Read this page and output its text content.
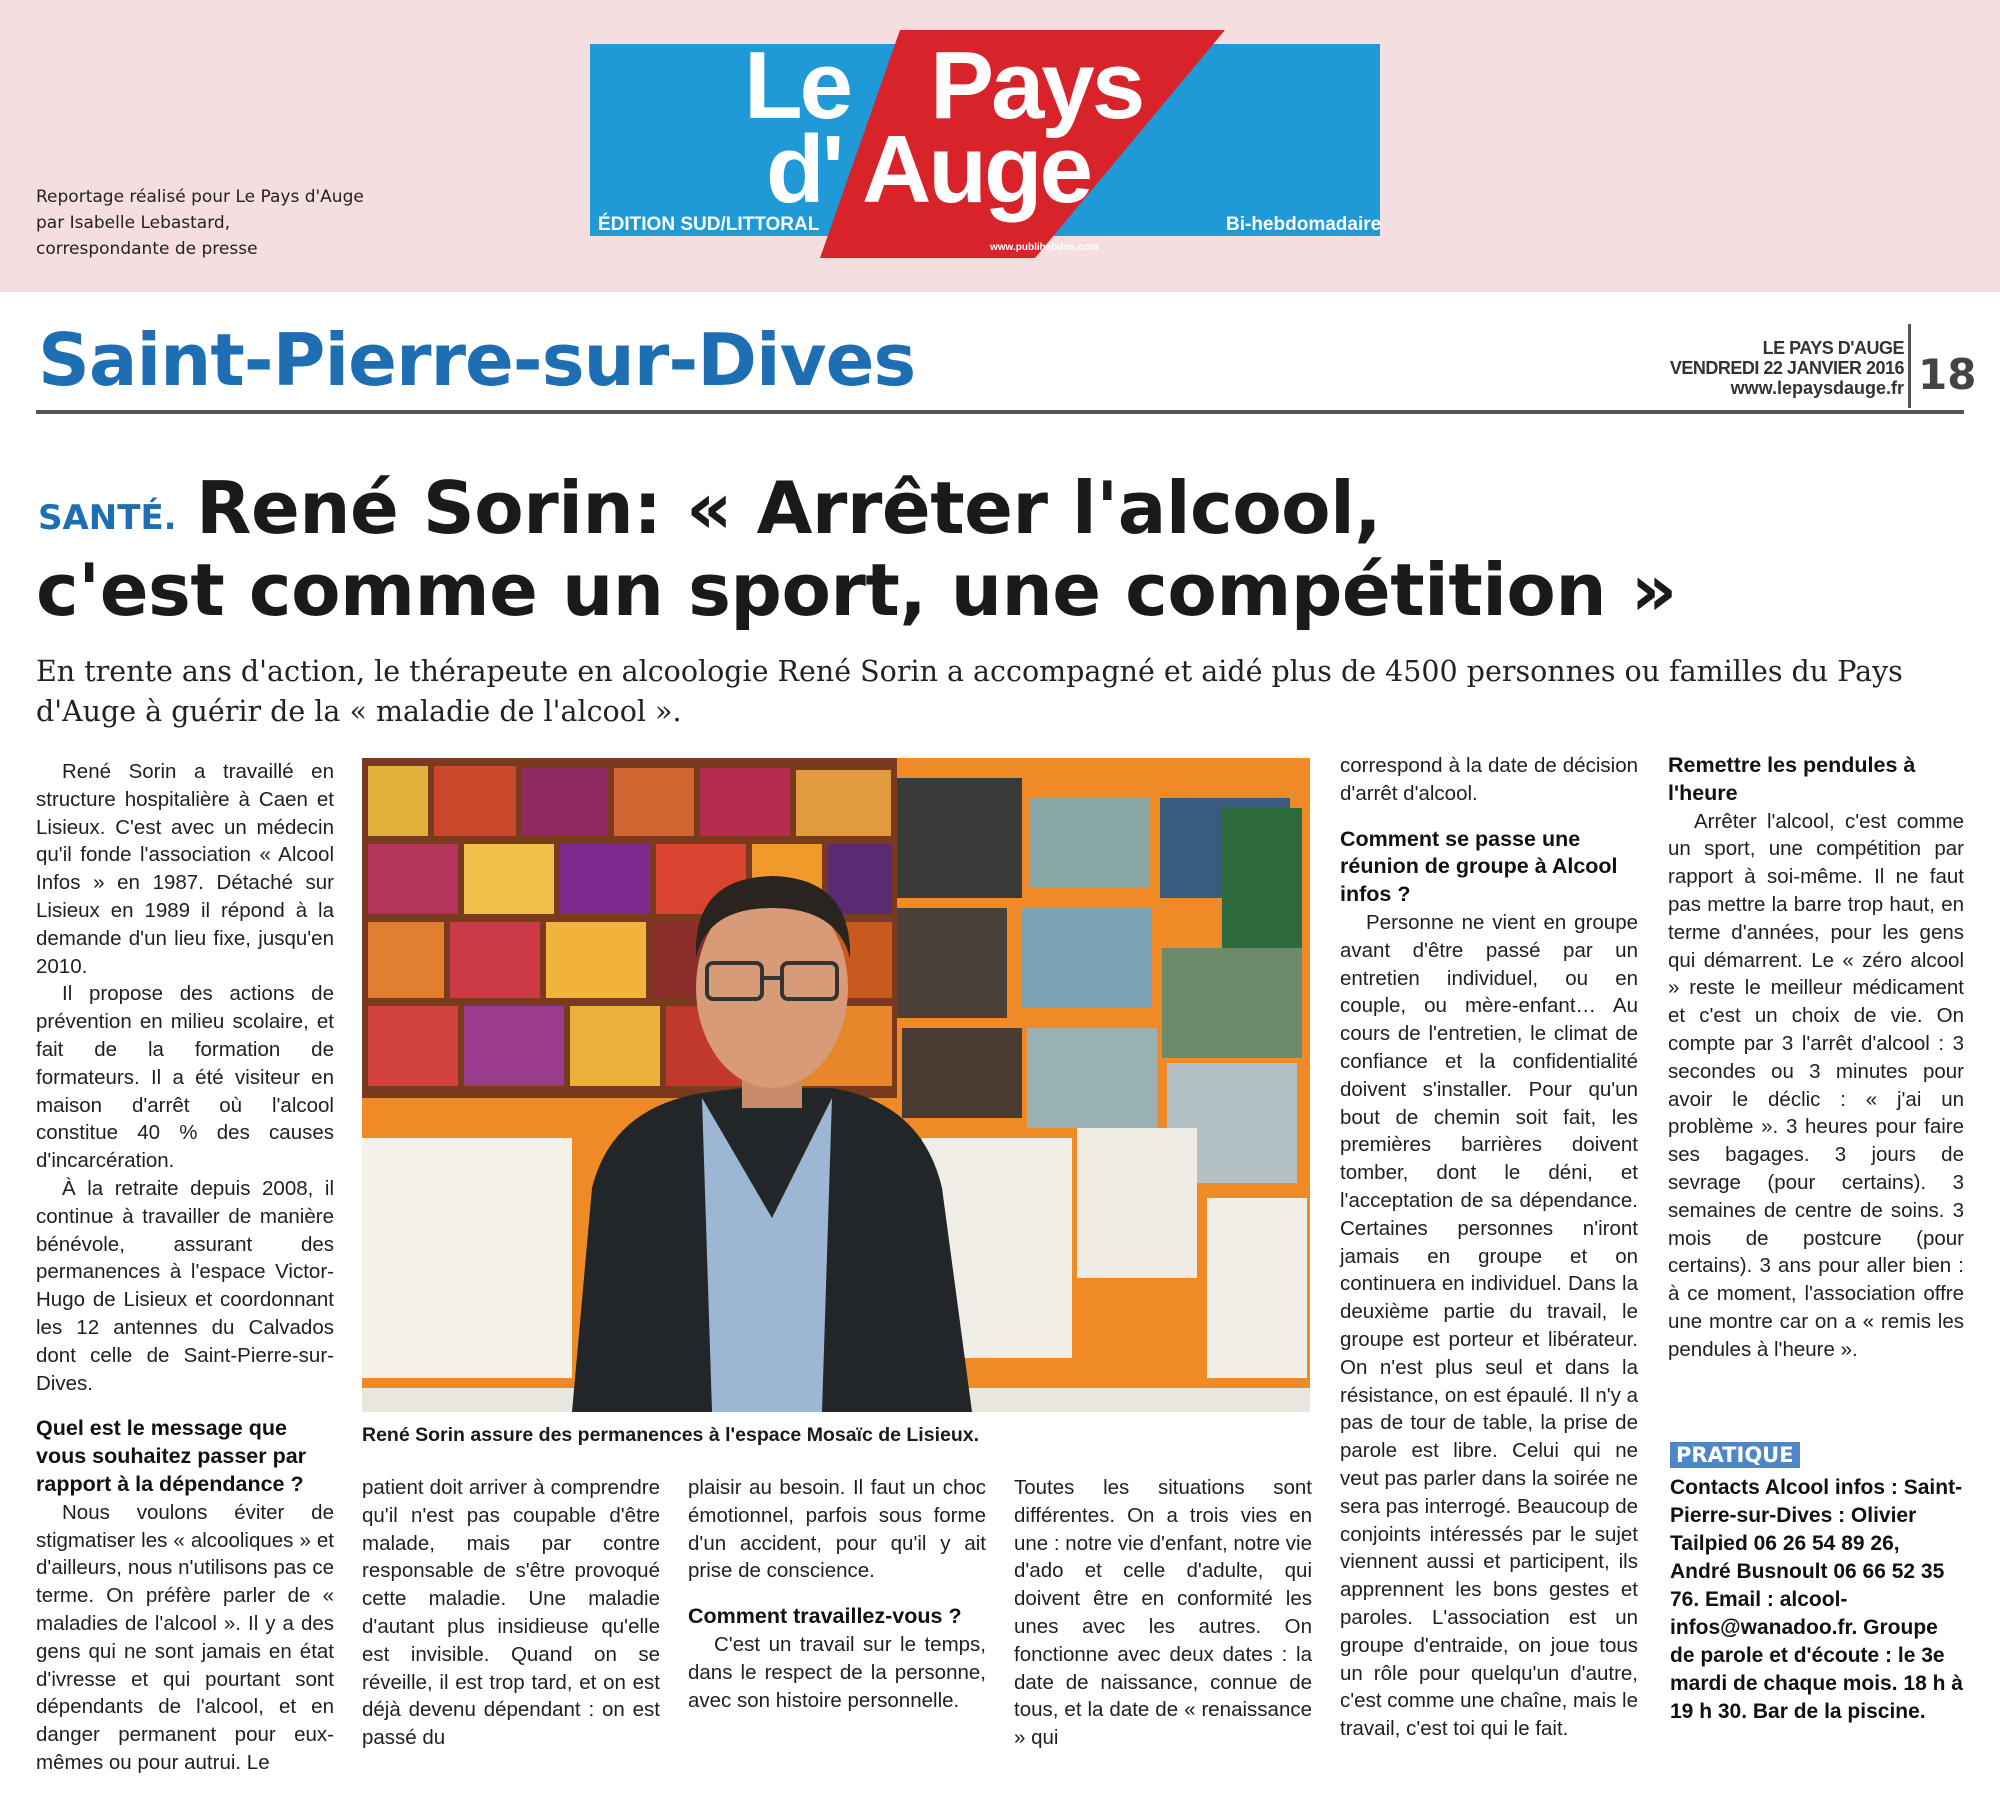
Reportage réalisé pour Le Pays d'Auge
par Isabelle Lebastard,
correspondante de presse
Le Pays
d' Auge
ÉDITION SUD/LITTORAL	Bi-hebdomadaire
www.publihebdos.com
Saint-Pierre-sur-Dives	LE PAYS D'AUGE
VENDREDI 22 JANVIER 2016
www.lepaysdauge.fr 18
SANTÉ. René Sorin: « Arrêter l'alcool,
c'est comme un sport, une compétition »
En trente ans d'action, le thérapeute en alcoologie René Sorin a accompagné et aidé plus de 4500 personnes ou familles du Pays d'Auge à guérir de la « maladie de l'alcool ».

René Sorin a travaillé en structure hospitalière à Caen et Lisieux. C'est avec un médecin qu'il fonde l'association « Alcool Infos » en 1987. Détaché sur Lisieux en 1989 il répond à la demande d'un lieu fixe, jusqu'en 2010.

Il propose des actions de prévention en milieu scolaire, et fait de la formation de formateurs. Il a été visiteur en maison d'arrêt où l'alcool constitue 40 % des causes d'incarcération.

À la retraite depuis 2008, il continue à travailler de manière bénévole, assurant des permanences à l'espace Victor-Hugo de Lisieux et coordonnant les 12 antennes du Calvados dont celle de Saint-Pierre-sur-Dives.

Quel est le message que vous souhaitez passer par rapport à la dépendance ?

Nous voulons éviter de stigmatiser les « alcooliques » et d'ailleurs, nous n'utilisons pas ce terme. On préfère parler de « maladies de l'alcool ». Il y a des gens qui ne sont jamais en état d'ivresse et qui pourtant sont dépendants de l'alcool, et en danger permanent pour eux-mêmes ou pour autrui. Le

René Sorin assure des permanences à l'espace Mosaïc de Lisieux.

patient doit arriver à comprendre qu'il n'est pas coupable d'être malade, mais par contre responsable de s'être provoqué cette maladie. Une maladie d'autant plus insidieuse qu'elle est invisible. Quand on se réveille, il est trop tard, et on est déjà devenu dépendant : on est passé du

plaisir au besoin. Il faut un choc émotionnel, parfois sous forme d'un accident, pour qu'il y ait prise de conscience.

Comment travaillez-vous ?

C'est un travail sur le temps, dans le respect de la personne, avec son histoire personnelle.

Toutes les situations sont différentes. On a trois vies en une : notre vie d'enfant, notre vie d'ado et celle d'adulte, qui doivent être en conformité les unes avec les autres. On fonctionne avec deux dates : la date de naissance, connue de tous, et la date de « renaissance » qui

correspond à la date de décision d'arrêt d'alcool.

Comment se passe une réunion de groupe à Alcool infos ?

Personne ne vient en groupe avant d'être passé par un entretien individuel, ou en couple, ou mère-enfant… Au cours de l'entretien, le climat de confiance et la confidentialité doivent s'installer. Pour qu'un bout de chemin soit fait, les premières barrières doivent tomber, dont le déni, et l'acceptation de sa dépendance. Certaines personnes n'iront jamais en groupe et on continuera en individuel. Dans la deuxième partie du travail, le groupe est porteur et libérateur. On n'est plus seul et dans la résistance, on est épaulé. Il n'y a pas de tour de table, la prise de parole est libre. Celui qui ne veut pas parler dans la soirée ne sera pas interrogé. Beaucoup de conjoints intéressés par le sujet viennent aussi et participent, ils apprennent les bons gestes et paroles. L'association est un groupe d'entraide, on joue tous un rôle pour quelqu'un d'autre, c'est comme une chaîne, mais le travail, c'est toi qui le fait.

Remettre les pendules à l'heure

Arrêter l'alcool, c'est comme un sport, une compétition par rapport à soi-même. Il ne faut pas mettre la barre trop haut, en terme d'années, pour les gens qui démarrent. Le « zéro alcool » reste le meilleur médicament et c'est un choix de vie. On compte par 3 l'arrêt d'alcool : 3 secondes ou 3 minutes pour avoir le déclic : « j'ai un problème ». 3 heures pour faire ses bagages. 3 jours de sevrage (pour certains). 3 semaines de centre de soins. 3 mois de postcure (pour certains). 3 ans pour aller bien : à ce moment, l'association offre une montre car on a « remis les pendules à l'heure ».

PRATIQUE
Contacts Alcool infos : Saint-Pierre-sur-Dives : Olivier Tailpied 06 26 54 89 26, André Busnoult 06 66 52 35 76. Email : alcool-infos@wanadoo.fr. Groupe de parole et d'écoute : le 3e mardi de chaque mois. 18 h à 19 h 30. Bar de la piscine.
